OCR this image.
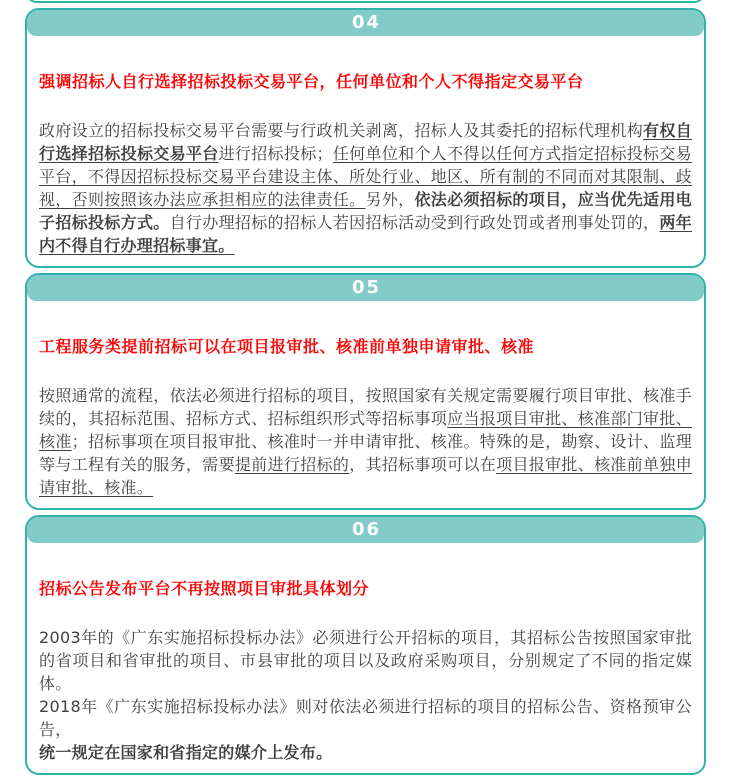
04
强调招标人自行选择招标投标交易平台，任何单位和个人不得指定交易平台

政府设立的招标投标交易平台需要与行政机关剥离，招标人及其委托的招标代理机构有权自行选择招标投标交易平台进行招标投标；任何单位和个人不得以任何方式指定招标投标交易平台，不得因招标投标交易平台建设主体、所处行业、地区、所有制的不同而对其限制、歧视，否则按照该办法应承担相应的法律责任。另外，依法必须招标的项目，应当优先适用电子招标投标方式。自行办理招标的招标人若因招标活动受到行政处罚或者刑事处罚的，两年内不得自行办理招标事宜。

05
工程服务类提前招标可以在项目报审批、核准前单独申请审批、核准

按照通常的流程，依法必须进行招标的项目，按照国家有关规定需要履行项目审批、核准手续的，其招标范围、招标方式、招标组织形式等招标事项应当报项目审批、核准部门审批、核准；招标事项在项目报审批、核准时一并申请审批、核准。特殊的是，勘察、设计、监理等与工程有关的服务，需要提前进行招标的，其招标事项可以在项目报审批、核准前单独申请审批、核准。

06
招标公告发布平台不再按照项目审批具体划分

2003年的《广东实施招标投标办法》必须进行公开招标的项目，其招标公告按照国家审批的省项目和省审批的项目、市县审批的项目以及政府采购项目，分别规定了不同的指定媒体。

2018年《广东实施招标投标办法》则对依法必须进行招标的项目的招标公告、资格预审公告，

统一规定在国家和省指定的媒介上发布。
